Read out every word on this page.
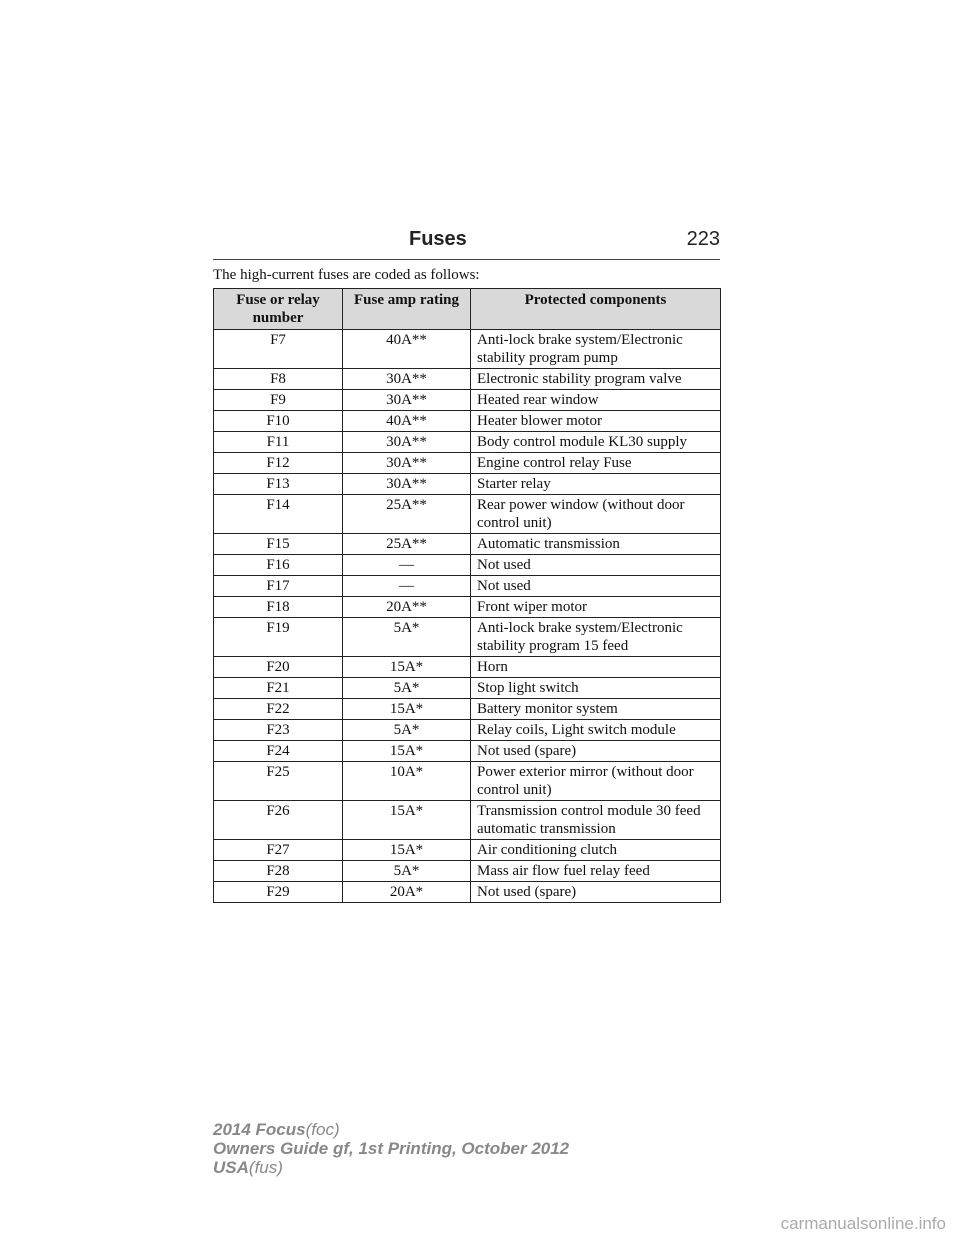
Fuses	223
The high-current fuses are coded as follows:
Fuse or relay number	Fuse amp rating	Protected components
F7	40A**	Anti-lock brake system/Electronic stability program pump
F8	30A**	Electronic stability program valve
F9	30A**	Heated rear window
F10	40A**	Heater blower motor
F11	30A**	Body control module KL30 supply
F12	30A**	Engine control relay Fuse
F13	30A**	Starter relay
F14	25A**	Rear power window (without door control unit)
F15	25A**	Automatic transmission
F16	—	Not used
F17	—	Not used
F18	20A**	Front wiper motor
F19	5A*	Anti-lock brake system/Electronic stability program 15 feed
F20	15A*	Horn
F21	5A*	Stop light switch
F22	15A*	Battery monitor system
F23	5A*	Relay coils, Light switch module
F24	15A*	Not used (spare)
F25	10A*	Power exterior mirror (without door control unit)
F26	15A*	Transmission control module 30 feed automatic transmission
F27	15A*	Air conditioning clutch
F28	5A*	Mass air flow fuel relay feed
F29	20A*	Not used (spare)
2014 Focus(foc)
Owners Guide gf, 1st Printing, October 2012
USA(fus)
carmanualsonline.info
